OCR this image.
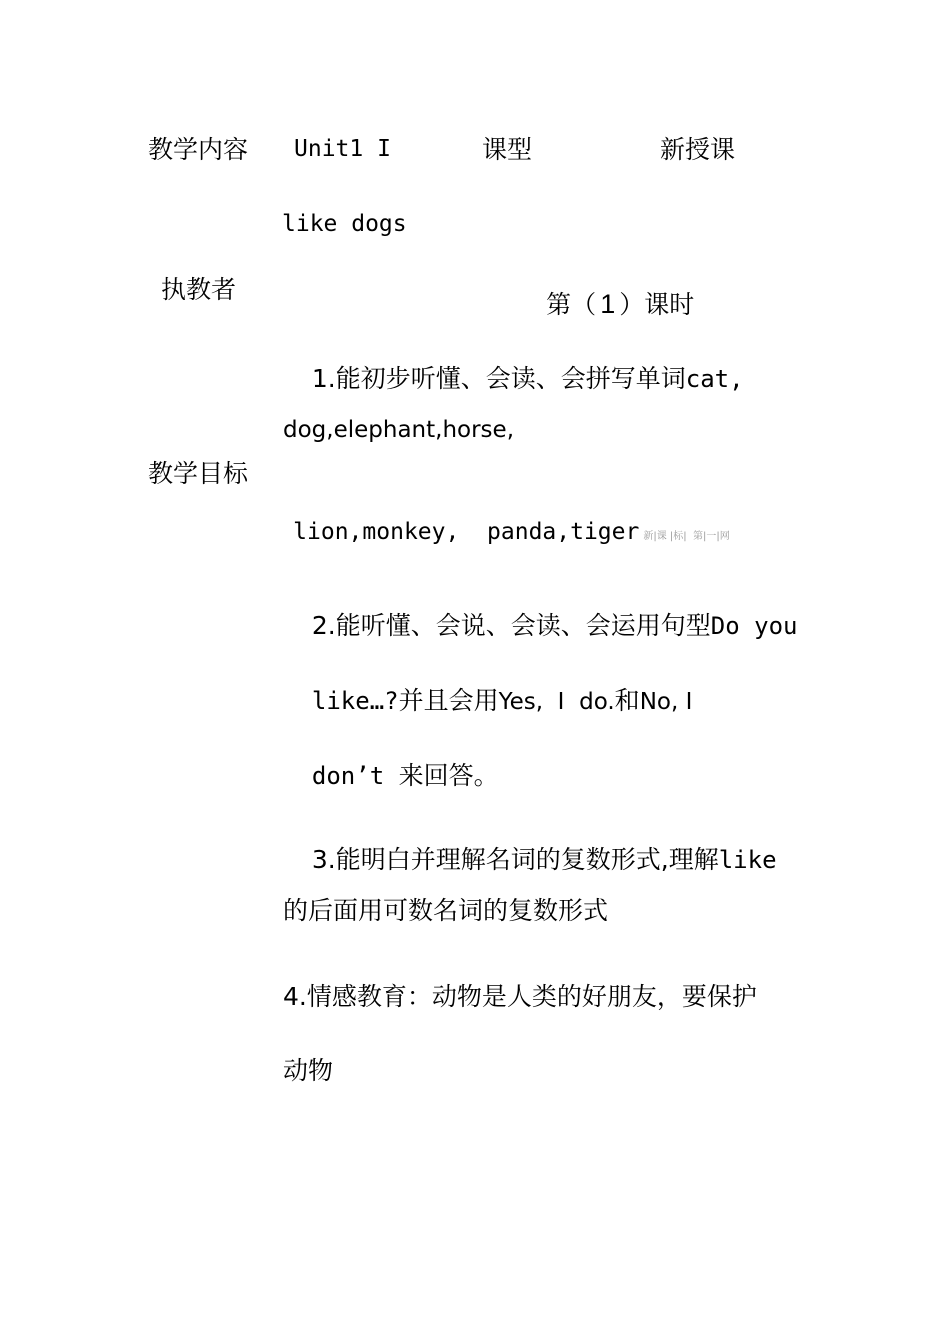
教学内容 Unit1 I	课型	新授课
like dogs
执教者

第（ 1 ）课时

教学目标

1.能初步听懂、会读、会拼写单词cat,

dog,elephant,horse,

lion,monkey,  panda,tiger 新|课 |标|  第|一|网

2.能听懂、会说、会读、会运用句型Do you

like…?并且会用Yes,  I  do.和No, I

don’t 来回答。

3.能明白并理解名词的复数形式,理解like

的后面用可数名词的复数形式
4.情感教育：动物是人类的好朋友，要保护
动物
